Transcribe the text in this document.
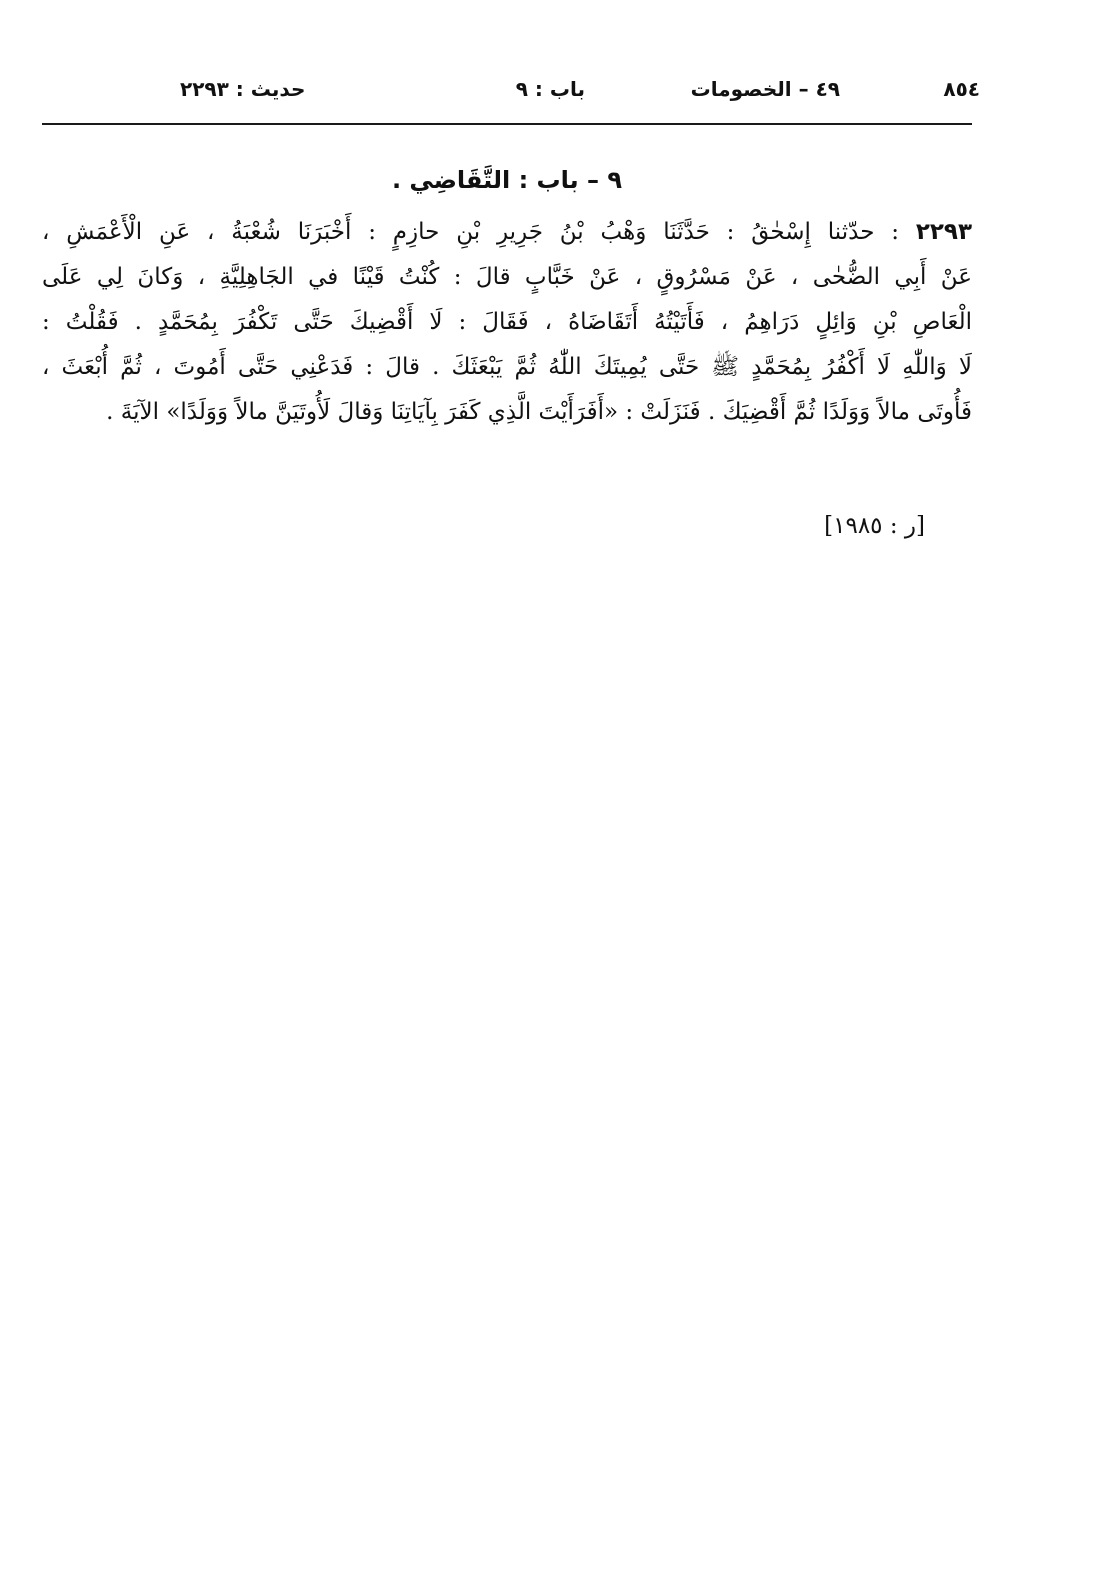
٨٥٤
٤٩ – الخصومات
باب : ٩
حديث : ٢٢٩٣
٩ – باب : التَّقَاضِي .
٢٢٩٣ : حدّثنا إِسْحٰقُ : حَدَّثَنَا وَهْبُ بْنُ جَرِيرِ بْنِ حازِمٍ : أَخْبَرَنَا شُعْبَةُ ، عَنِ الْأَعْمَشِ ،
عَنْ أَبِي الضُّحٰى ، عَنْ مَسْرُوقٍ ، عَنْ خَبَّابٍ قالَ : كُنْتُ قَيْنًا في الجَاهِلِيَّةِ ، وَكانَ لِي عَلَى
الْعَاصِ بْنِ وَائِلٍ دَرَاهِمُ ، فَأَتَيْتُهُ أَتَقَاضَاهُ ، فَقَالَ : لَا أَقْضِيكَ حَتَّى تَكْفُرَ بِمُحَمَّدٍ . فَقُلْتُ :
لَا وَاللّٰهِ لَا أَكْفُرُ بِمُحَمَّدٍ ﷺ حَتَّى يُمِيتَكَ اللّٰهُ ثُمَّ يَبْعَثَكَ . قالَ : فَدَعْنِي حَتَّى أَمُوتَ ، ثُمَّ أُبْعَثَ ،
فَأُوتَى مالاً وَوَلَدًا ثُمَّ أَقْضِيَكَ . فَنَزَلَتْ : «أَفَرَأَيْتَ الَّذِي كَفَرَ بِآيَاتِنَا وَقالَ لَأُوتَيَنَّ مالاً وَوَلَدًا» الآيَةَ .
[ر : ١٩٨٥]
